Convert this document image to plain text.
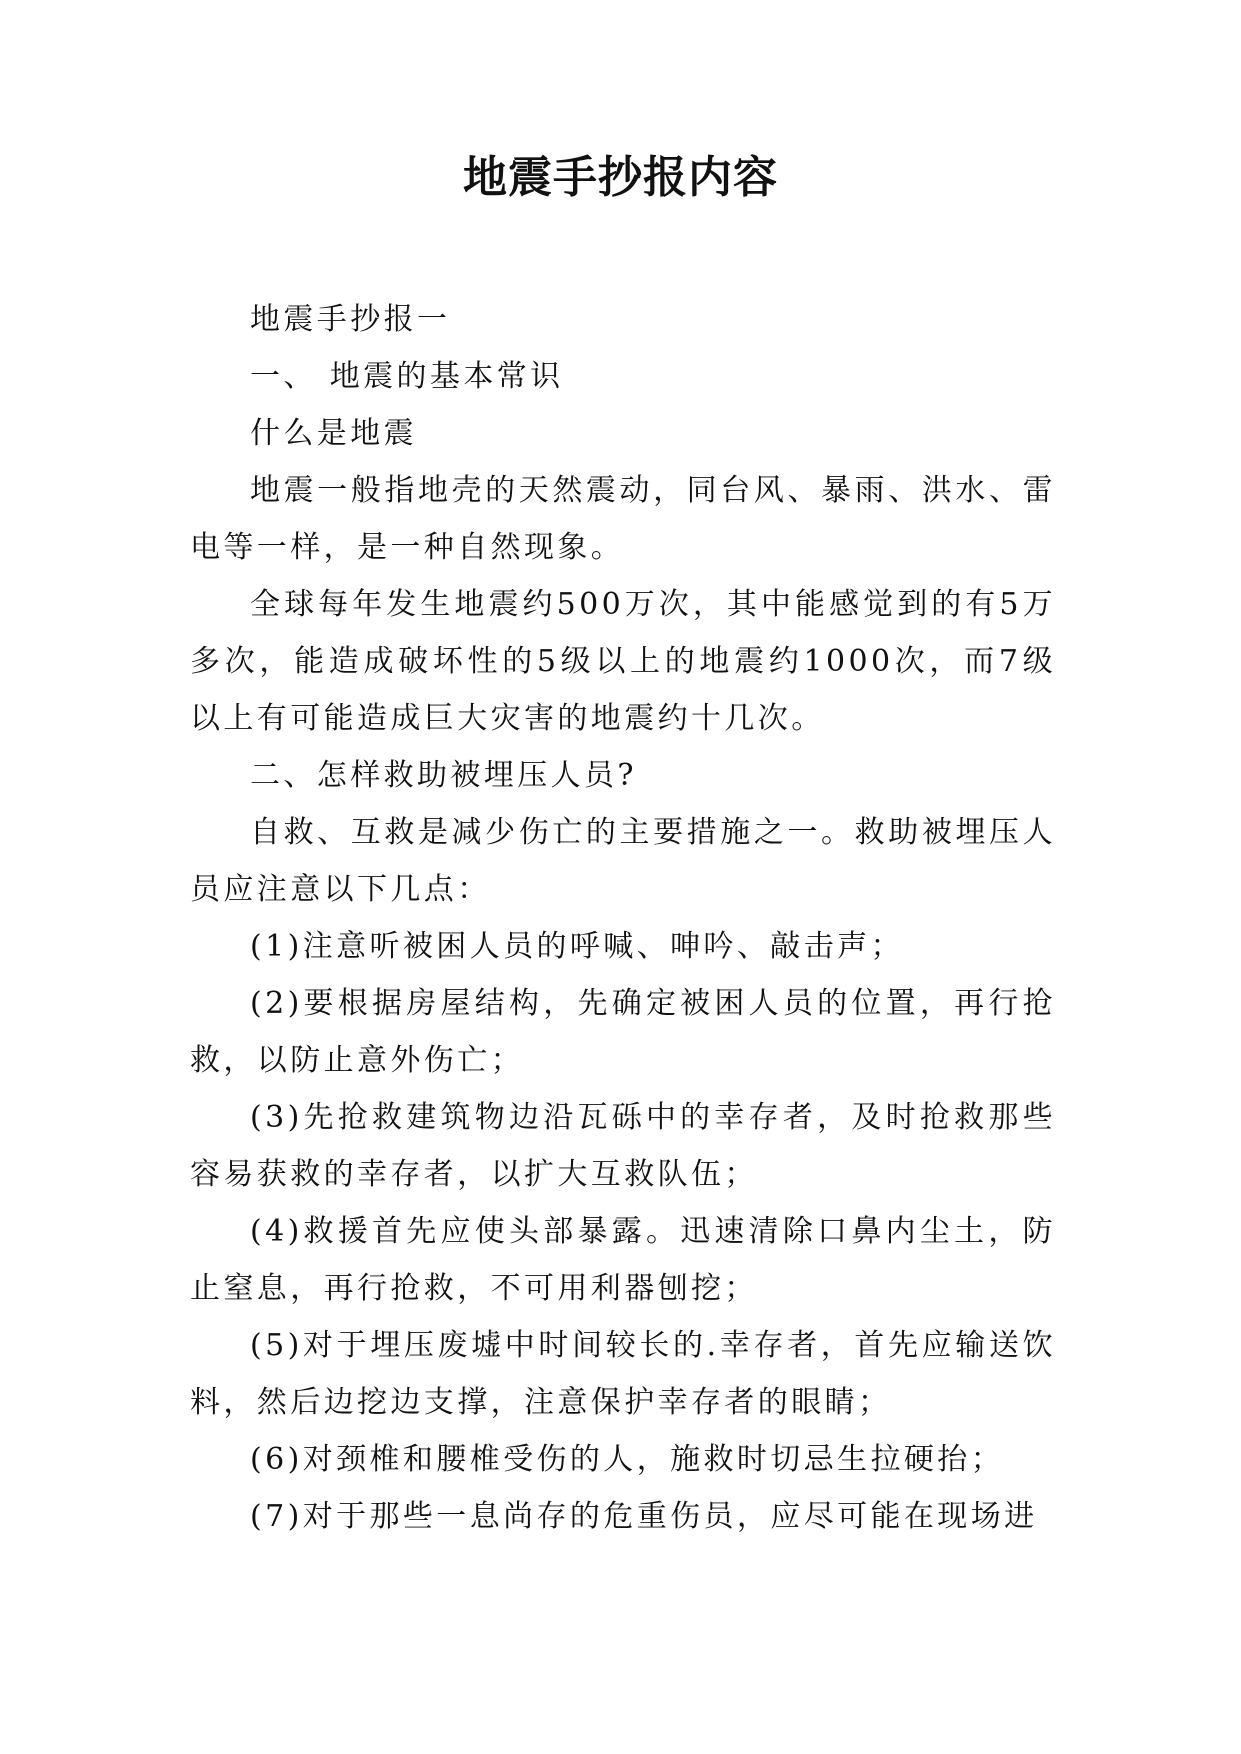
地震手抄报内容

地震手抄报一

一、 地震的基本常识

什么是地震

地震一般指地壳的天然震动，同台风、暴雨、洪水、雷电等一样，是一种自然现象。

全球每年发生地震约500万次，其中能感觉到的有5万多次，能造成破坏性的5级以上的地震约1000次，而7级以上有可能造成巨大灾害的地震约十几次。

二、怎样救助被埋压人员?

自救、互救是减少伤亡的主要措施之一。救助被埋压人员应注意以下几点：

(1)注意听被困人员的呼喊、呻吟、敲击声；

(2)要根据房屋结构，先确定被困人员的位置，再行抢救，以防止意外伤亡；

(3)先抢救建筑物边沿瓦砾中的幸存者，及时抢救那些容易获救的幸存者，以扩大互救队伍；

(4)救援首先应使头部暴露。迅速清除口鼻内尘土，防止窒息，再行抢救，不可用利器刨挖；

(5)对于埋压废墟中时间较长的.幸存者，首先应输送饮料，然后边挖边支撑，注意保护幸存者的眼睛；

(6)对颈椎和腰椎受伤的人，施救时切忌生拉硬抬；

(7)对于那些一息尚存的危重伤员，应尽可能在现场进
